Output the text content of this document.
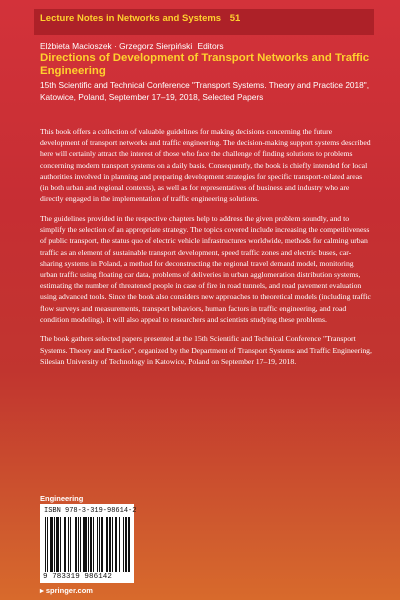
Lecture Notes in Networks and Systems 51
Elżbieta Macioszek · Grzegorz Sierpiński Editors
Directions of Development of Transport Networks and Traffic Engineering

15th Scientific and Technical Conference "Transport Systems. Theory and Practice 2018", Katowice, Poland, September 17–19, 2018, Selected Papers

This book offers a collection of valuable guidelines for making decisions concerning the future development of transport networks and traffic engineering. The decision-making support systems described here will certainly attract the interest of those who face the challenge of finding solutions to problems concerning modern transport systems on a daily basis. Consequently, the book is chiefly intended for local authorities involved in planning and preparing development strategies for specific transport-related areas (in both urban and regional contexts), as well as for representatives of business and industry who are directly engaged in the implementation of traffic engineering solutions.

The guidelines provided in the respective chapters help to address the given problem soundly, and to simplify the selection of an appropriate strategy. The topics covered include increasing the competitiveness of public transport, the status quo of electric vehicle infrastructures worldwide, methods for calming urban traffic as an element of sustainable transport development, speed traffic zones and electric buses, car-sharing systems in Poland, a method for deconstructing the regional travel demand model, monitoring urban traffic using floating car data, problems of deliveries in urban agglomeration distribution systems, estimating the number of threatened people in case of fire in road tunnels, and road pavement evaluation using advanced tools. Since the book also considers new approaches to theoretical models (including traffic flow surveys and measurements, transport behaviors, human factors in traffic engineering, and road condition modeling), it will also appeal to researchers and scientists studying these problems.

The book gathers selected papers presented at the 15th Scientific and Technical Conference "Transport Systems. Theory and Practice", organized by the Department of Transport Systems and Traffic Engineering, Silesian University of Technology in Katowice, Poland on September 17–19, 2018.

Engineering
ISBN 978-3-319-98614-2
9 783319 986142
▸ springer.com
